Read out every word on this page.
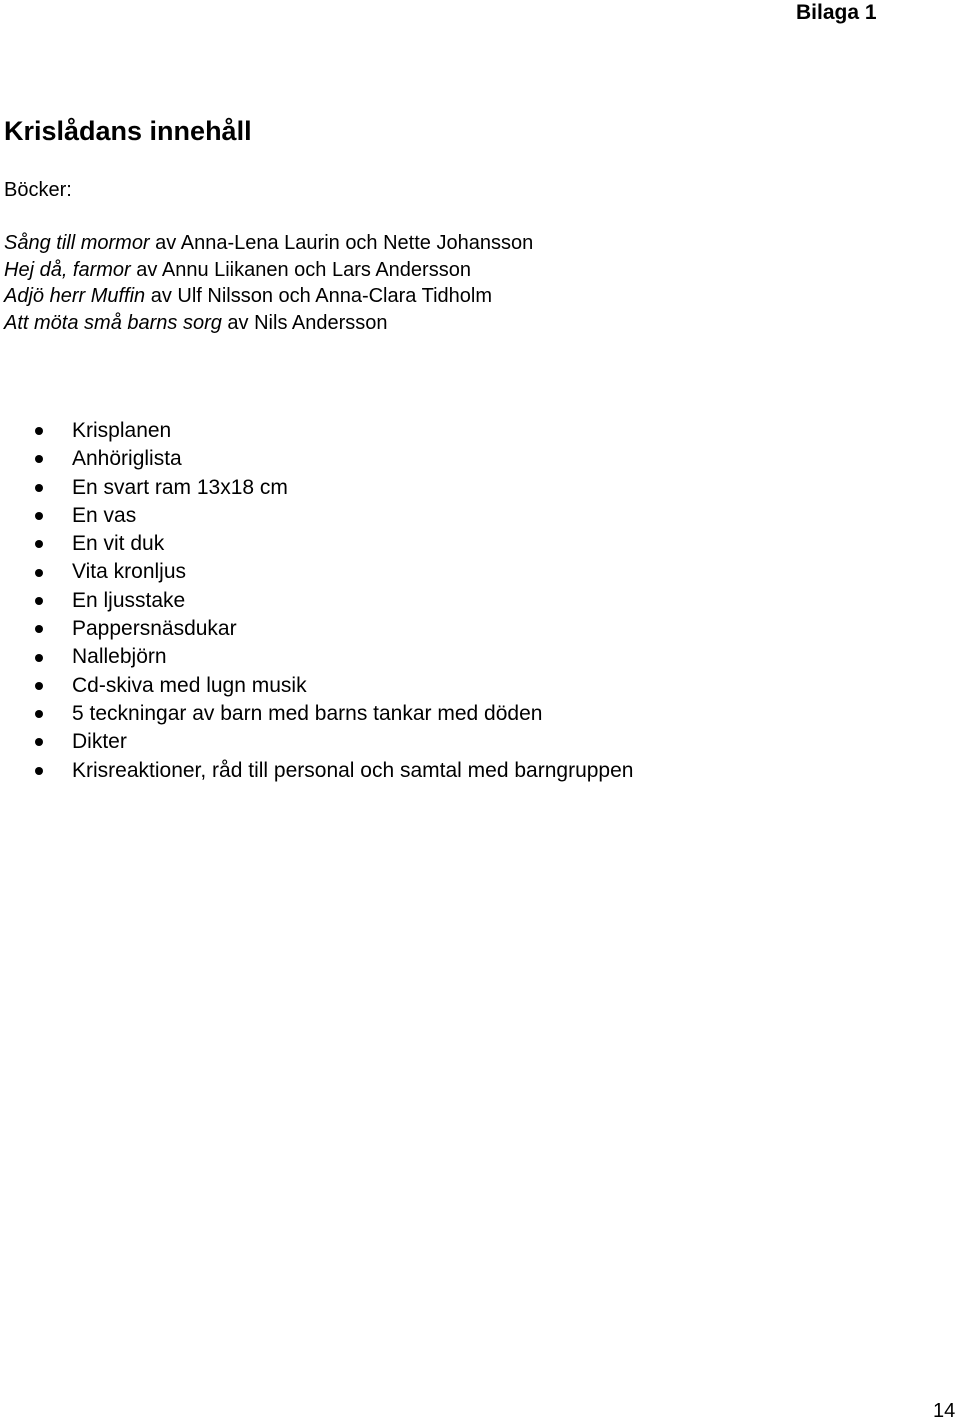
Bilaga 1
Krislådans innehåll
Böcker:
Sång till mormor av Anna-Lena Laurin och Nette Johansson
Hej då, farmor av Annu Liikanen och Lars Andersson
Adjö herr Muffin av Ulf Nilsson och Anna-Clara Tidholm
Att möta små barns sorg av Nils Andersson
Krisplanen
Anhöriglista
En svart ram 13x18 cm
En vas
En vit duk
Vita kronljus
En ljusstake
Pappersnäsdukar
Nallebjörn
Cd-skiva med lugn musik
5 teckningar av barn med barns tankar med döden
Dikter
Krisreaktioner, råd till personal och samtal med barngruppen
14
